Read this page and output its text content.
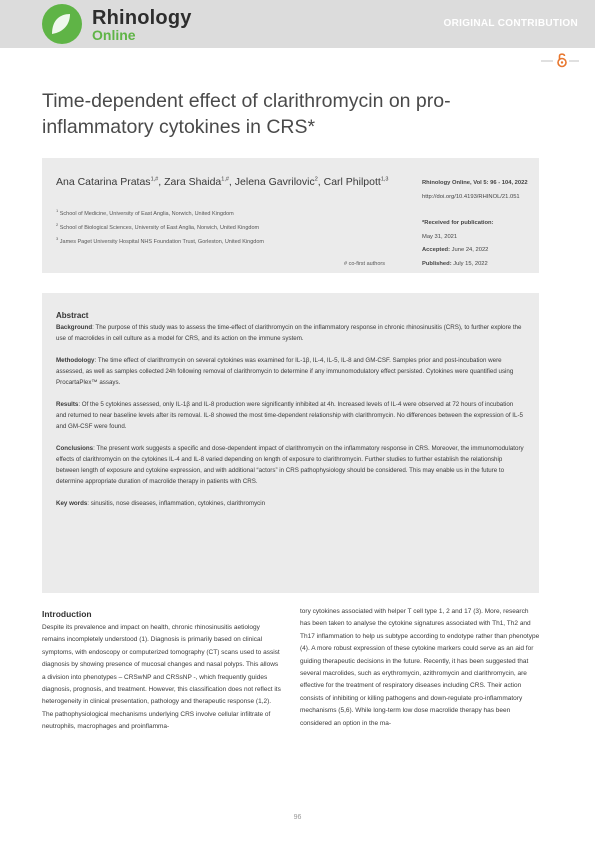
Rhinology
Online
ORIGINAL CONTRIBUTION
Time-dependent effect of clarithromycin on pro-inflammatory cytokines in CRS*
Ana Catarina Pratas$^{1,\#}$, Zara Shaida$^{1,\#}$, Jelena Gavrilovic$^2$, Carl Philpott$^{1,3}$
$^1$ School of Medicine, University of East Anglia, Norwich, United Kingdom
$^2$ School of Biological Sciences, University of East Anglia, Norwich, United Kingdom
$^3$ James Paget University Hospital NHS Foundation Trust, Gorleston, United Kingdom
# co-first authors
Rhinology Online, Vol 5: 96 - 104, 2022
http://doi.org/10.4193/RHINOL/21.051
*Received for publication:
May 31, 2021
Accepted: June 24, 2022
Published: July 15, 2022
Abstract

Background: The purpose of this study was to assess the time-effect of clarithromycin on the inflammatory response in chronic rhinosinusitis (CRS), to further explore the use of macrolides in cell culture as a model for CRS, and its action on the immune system.

Methodology: The time effect of clarithromycin on several cytokines was examined for IL-1β, IL-4, IL-5, IL-8 and GM-CSF. Samples prior and post-incubation were assessed, as well as samples collected 24h following removal of clarithromycin to determine if any immunomodulatory effect persisted. Cytokines were quantified using ProcartaPlex™ assays.

Results: Of the 5 cytokines assessed, only IL-1β and IL-8 production were significantly inhibited at 4h. Increased levels of IL-4 were observed at 72 hours of incubation and returned to near baseline levels after its removal. IL-8 showed the most time-dependent relationship with clarithromycin. No differences between the expression of IL-5 and GM-CSF were found.

Conclusions: The present work suggests a specific and dose-dependent impact of clarithromycin on the inflammatory response in CRS. Moreover, the immunomodulatory effects of clarithromycin on the cytokines IL-4 and IL-8 varied depending on length of exposure to clarithromycin. Further studies to further establish the relationship between length of exposure and cytokine expression, and with additional “actors” in CRS pathophysiology should be considered. This may enable us in the future to determine appropriate duration of macrolide therapy in patients with CRS.

Key words: sinusitis, nose diseases, inflammation, cytokines, clarithromycin

Introduction

Despite its prevalence and impact on health, chronic rhinosinusitis aetiology remains incompletely understood (1). Diagnosis is primarily based on clinical symptoms, with endoscopy or computerized tomography (CT) scans used to assist diagnosis by showing presence of mucosal changes and nasal polyps. This allows a division into phenotypes – CRSwNP and CRSsNP -, which frequently guides diagnosis, prognosis, and treatment. However, this classification does not reflect its heterogeneity in clinical presentation, pathology and therapeutic response (1,2). The pathophysiological mechanisms underlying CRS involve cellular infiltrate of neutrophils, macrophages and proinflamma-

tory cytokines associated with helper T cell type 1, 2 and 17 (3). More, research has been taken to analyse the cytokine signatures associated with Th1, Th2 and Th17 inflammation to help us subtype according to endotype rather than phenotype (4). A more robust expression of these cytokine markers could serve as an aid for guiding therapeutic decisions in the future. Recently, it has been suggested that several macrolides, such as erythromycin, azithromycin and clarithromycin, are effective for the treatment of respiratory diseases including CRS. Their action consists of inhibiting or killing pathogens and down-regulate pro-inflammatory mechanisms (5,6). While long-term low dose macrolide therapy has been considered an option in the ma-

96
